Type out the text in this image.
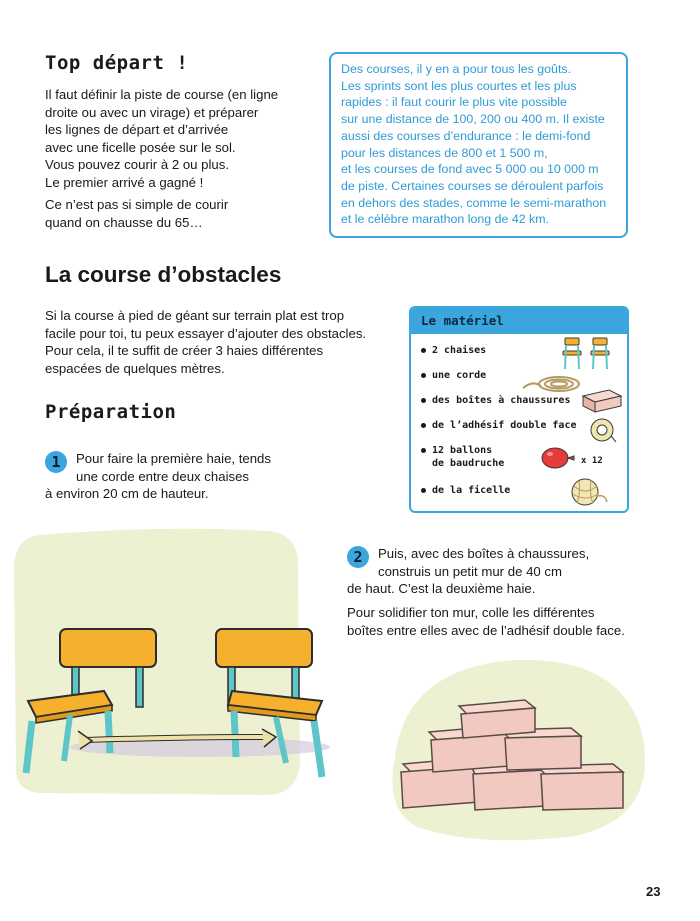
Top départ !
Il faut définir la piste de course (en ligne
droite ou avec un virage) et préparer
les lignes de départ et d’arrivée
avec une ficelle posée sur le sol.
Vous pouvez courir à 2 ou plus.
Le premier arrivé a gagné !
Ce n’est pas si simple de courir
quand on chausse du 65…
Des courses, il y en a pour tous les goûts.
Les sprints sont les plus courtes et les plus
rapides : il faut courir le plus vite possible
sur une distance de 100, 200 ou 400 m. Il existe
aussi des courses d’endurance : le demi-fond
pour les distances de 800 et 1 500 m,
et les courses de fond avec 5 000 ou 10 000 m
de piste. Certaines courses se déroulent parfois
en dehors des stades, comme le semi-marathon
et le célèbre marathon long de 42 km.
La course d’obstacles
Si la course à pied de géant sur terrain plat est trop
facile pour toi, tu peux essayer d’ajouter des obstacles.
Pour cela, il te suffit de créer 3 haies différentes
espacées de quelques mètres.
Préparation
Le matériel
2 chaises
une corde
des boîtes à chaussures
de l’adhésif double face
12 ballons
de baudruche
de la ficelle
x 12
1	Pour faire la première haie, tends
une corde entre deux chaises
à environ 20 cm de hauteur.
2	Puis, avec des boîtes à chaussures,
construis un petit mur de 40 cm
de haut. C’est la deuxième haie.
Pour solidifier ton mur, colle les différentes
boîtes entre elles avec de l’adhésif double face.
23
